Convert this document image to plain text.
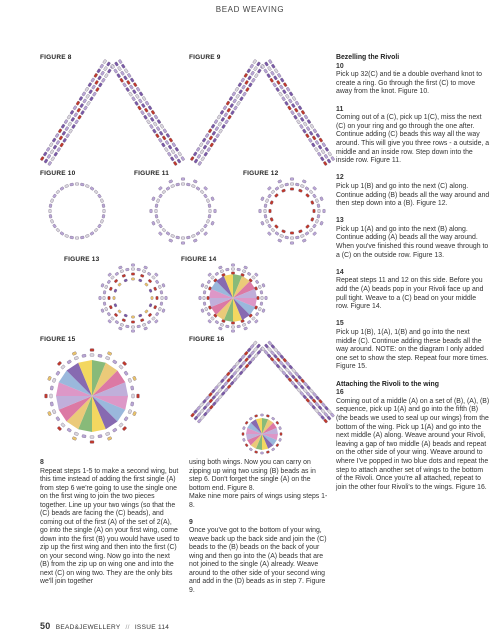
BEAD WEAVING
FIGURE 8	FIGURE 9
FIGURE 10	FIGURE 11	FIGURE 12
FIGURE 13	FIGURE 14
FIGURE 15	FIGURE 16
Bezelling the Rivoli
10
Pick up 32(C) and tie a double overhand knot to create a ring. Go through the first (C) to move away from the knot. Figure 10.
11
Coming out of a (C), pick up 1(C), miss the next (C) on your ring and go through the one after. Continue adding (C) beads this way all the way around. This will give you three rows - a outside, a middle and an inside row. Step down into the inside row. Figure 11.
12
Pick up 1(B) and go into the next (C) along. Continue adding (B) beads all the way around and then step down into a (B). Figure 12.
13
Pick up 1(A) and go into the next (B) along. Continue adding (A) beads all the way around. When you've finished this round weave through to a (C) on the outside row. Figure 13.
14
Repeat steps 11 and 12 on this side. Before you add the (A) beads pop in your Rivoli face up and pull tight. Weave to a (C) bead on your middle row. Figure 14.
15
Pick up 1(B), 1(A), 1(B) and go into the next middle (C). Continue adding these beads all the way around. NOTE: on the diagram I only added one set to show the step. Repeat four more times. Figure 15.
Attaching the Rivoli to the wing
16
Coming out of a middle (A) on a set of (B), (A), (B) sequence, pick up 1(A) and go into the fifth (B) (the beads we used to seal up our wings) from the bottom of the wing. Pick up 1(A) and go into the next middle (A) along. Weave around your Rivoli, leaving a gap of two middle (A) beads and repeat on the other side of your wing. Weave around to where I've popped in two blue dots and repeat the step to attach another set of wings to the bottom of the Rivoli. Once you're all attached, repeat to join the other four Rivoli's to the wings. Figure 16.
8
Repeat steps 1-5 to make a second wing, but this time instead of adding the first single (A) from step 6 we're going to use the single one on the first wing to join the two pieces together. Line up your two wings (so that the (C) beads are facing the (C) beads), and coming out of the first (A) of the set of 2(A), go into the single (A) on your first wing, come down into the first (B) you would have used to zip up the first wing and then into the first (C) on your second wing. Now go into the next (B) from the zip up on wing one and into the next (C) on wing two. They are the only bits we'll join together
using both wings. Now you can carry on zipping up wing two using (B) beads as in step 6. Don't forget the single (A) on the bottom end. Figure 8.
Make nine more pairs of wings using steps 1-8.
9
Once you've got to the bottom of your wing, weave back up the back side and join the (C) beads to the (B) beads on the back of your wing and then go into the (A) beads that are not joined to the single (A) already. Weave around to the other side of your second wing and add in the (D) beads as in step 7. Figure 9.
50 BEAD&JEWELLERY // ISSUE 114
